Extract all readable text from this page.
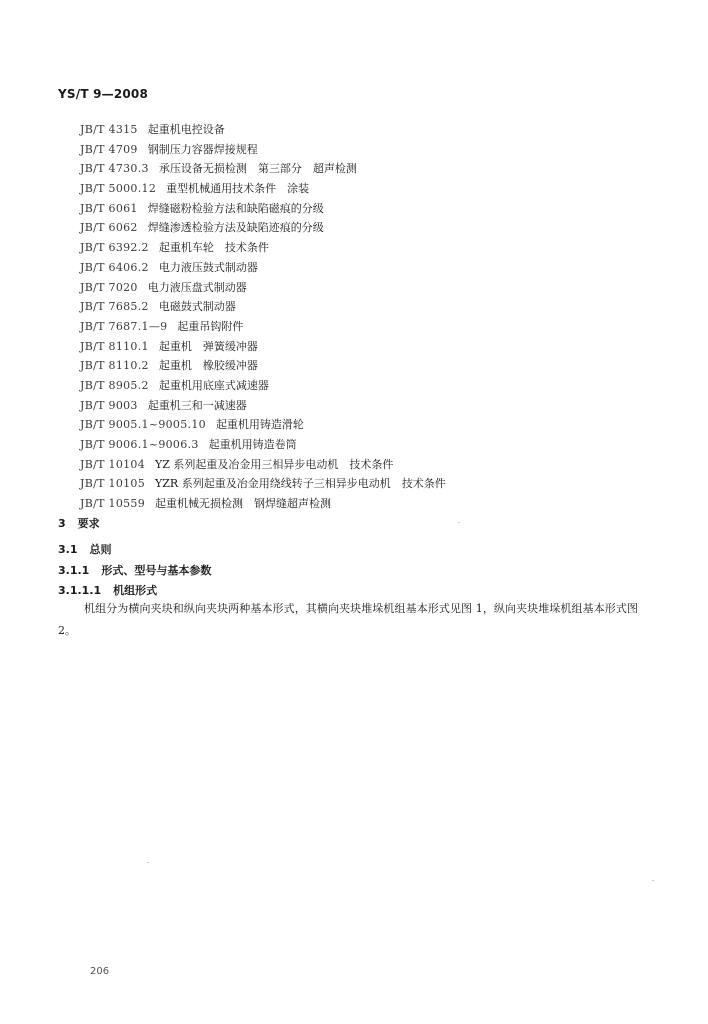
YS/T 9—2008
JB/T 4315 起重机电控设备
JB/T 4709 钢制压力容器焊接规程
JB/T 4730.3 承压设备无损检测　第三部分　超声检测
JB/T 5000.12 重型机械通用技术条件　涂装
JB/T 6061 焊缝磁粉检验方法和缺陷磁痕的分级
JB/T 6062 焊缝渗透检验方法及缺陷迹痕的分级
JB/T 6392.2 起重机车轮　技术条件
JB/T 6406.2 电力液压鼓式制动器
JB/T 7020 电力液压盘式制动器
JB/T 7685.2 电磁鼓式制动器
JB/T 7687.1—9 起重吊钩附件
JB/T 8110.1 起重机　弹簧缓冲器
JB/T 8110.2 起重机　橡胶缓冲器
JB/T 8905.2 起重机用底座式减速器
JB/T 9003 起重机三和一减速器
JB/T 9005.1~9005.10 起重机用铸造滑轮
JB/T 9006.1~9006.3 起重机用铸造卷筒
JB/T 10104 YZ 系列起重及冶金用三相异步电动机　技术条件
JB/T 10105 YZR 系列起重及冶金用绕线转子三相异步电动机　技术条件
JB/T 10559 起重机械无损检测　钢焊缝超声检测
3 要求
3.1 总则
3.1.1 形式、型号与基本参数
3.1.1.1 机组形式

机组分为横向夹块和纵向夹块两种基本形式，其横向夹块堆垛机组基本形式见图 1，纵向夹块堆垛机组基本形式图 2。

206
